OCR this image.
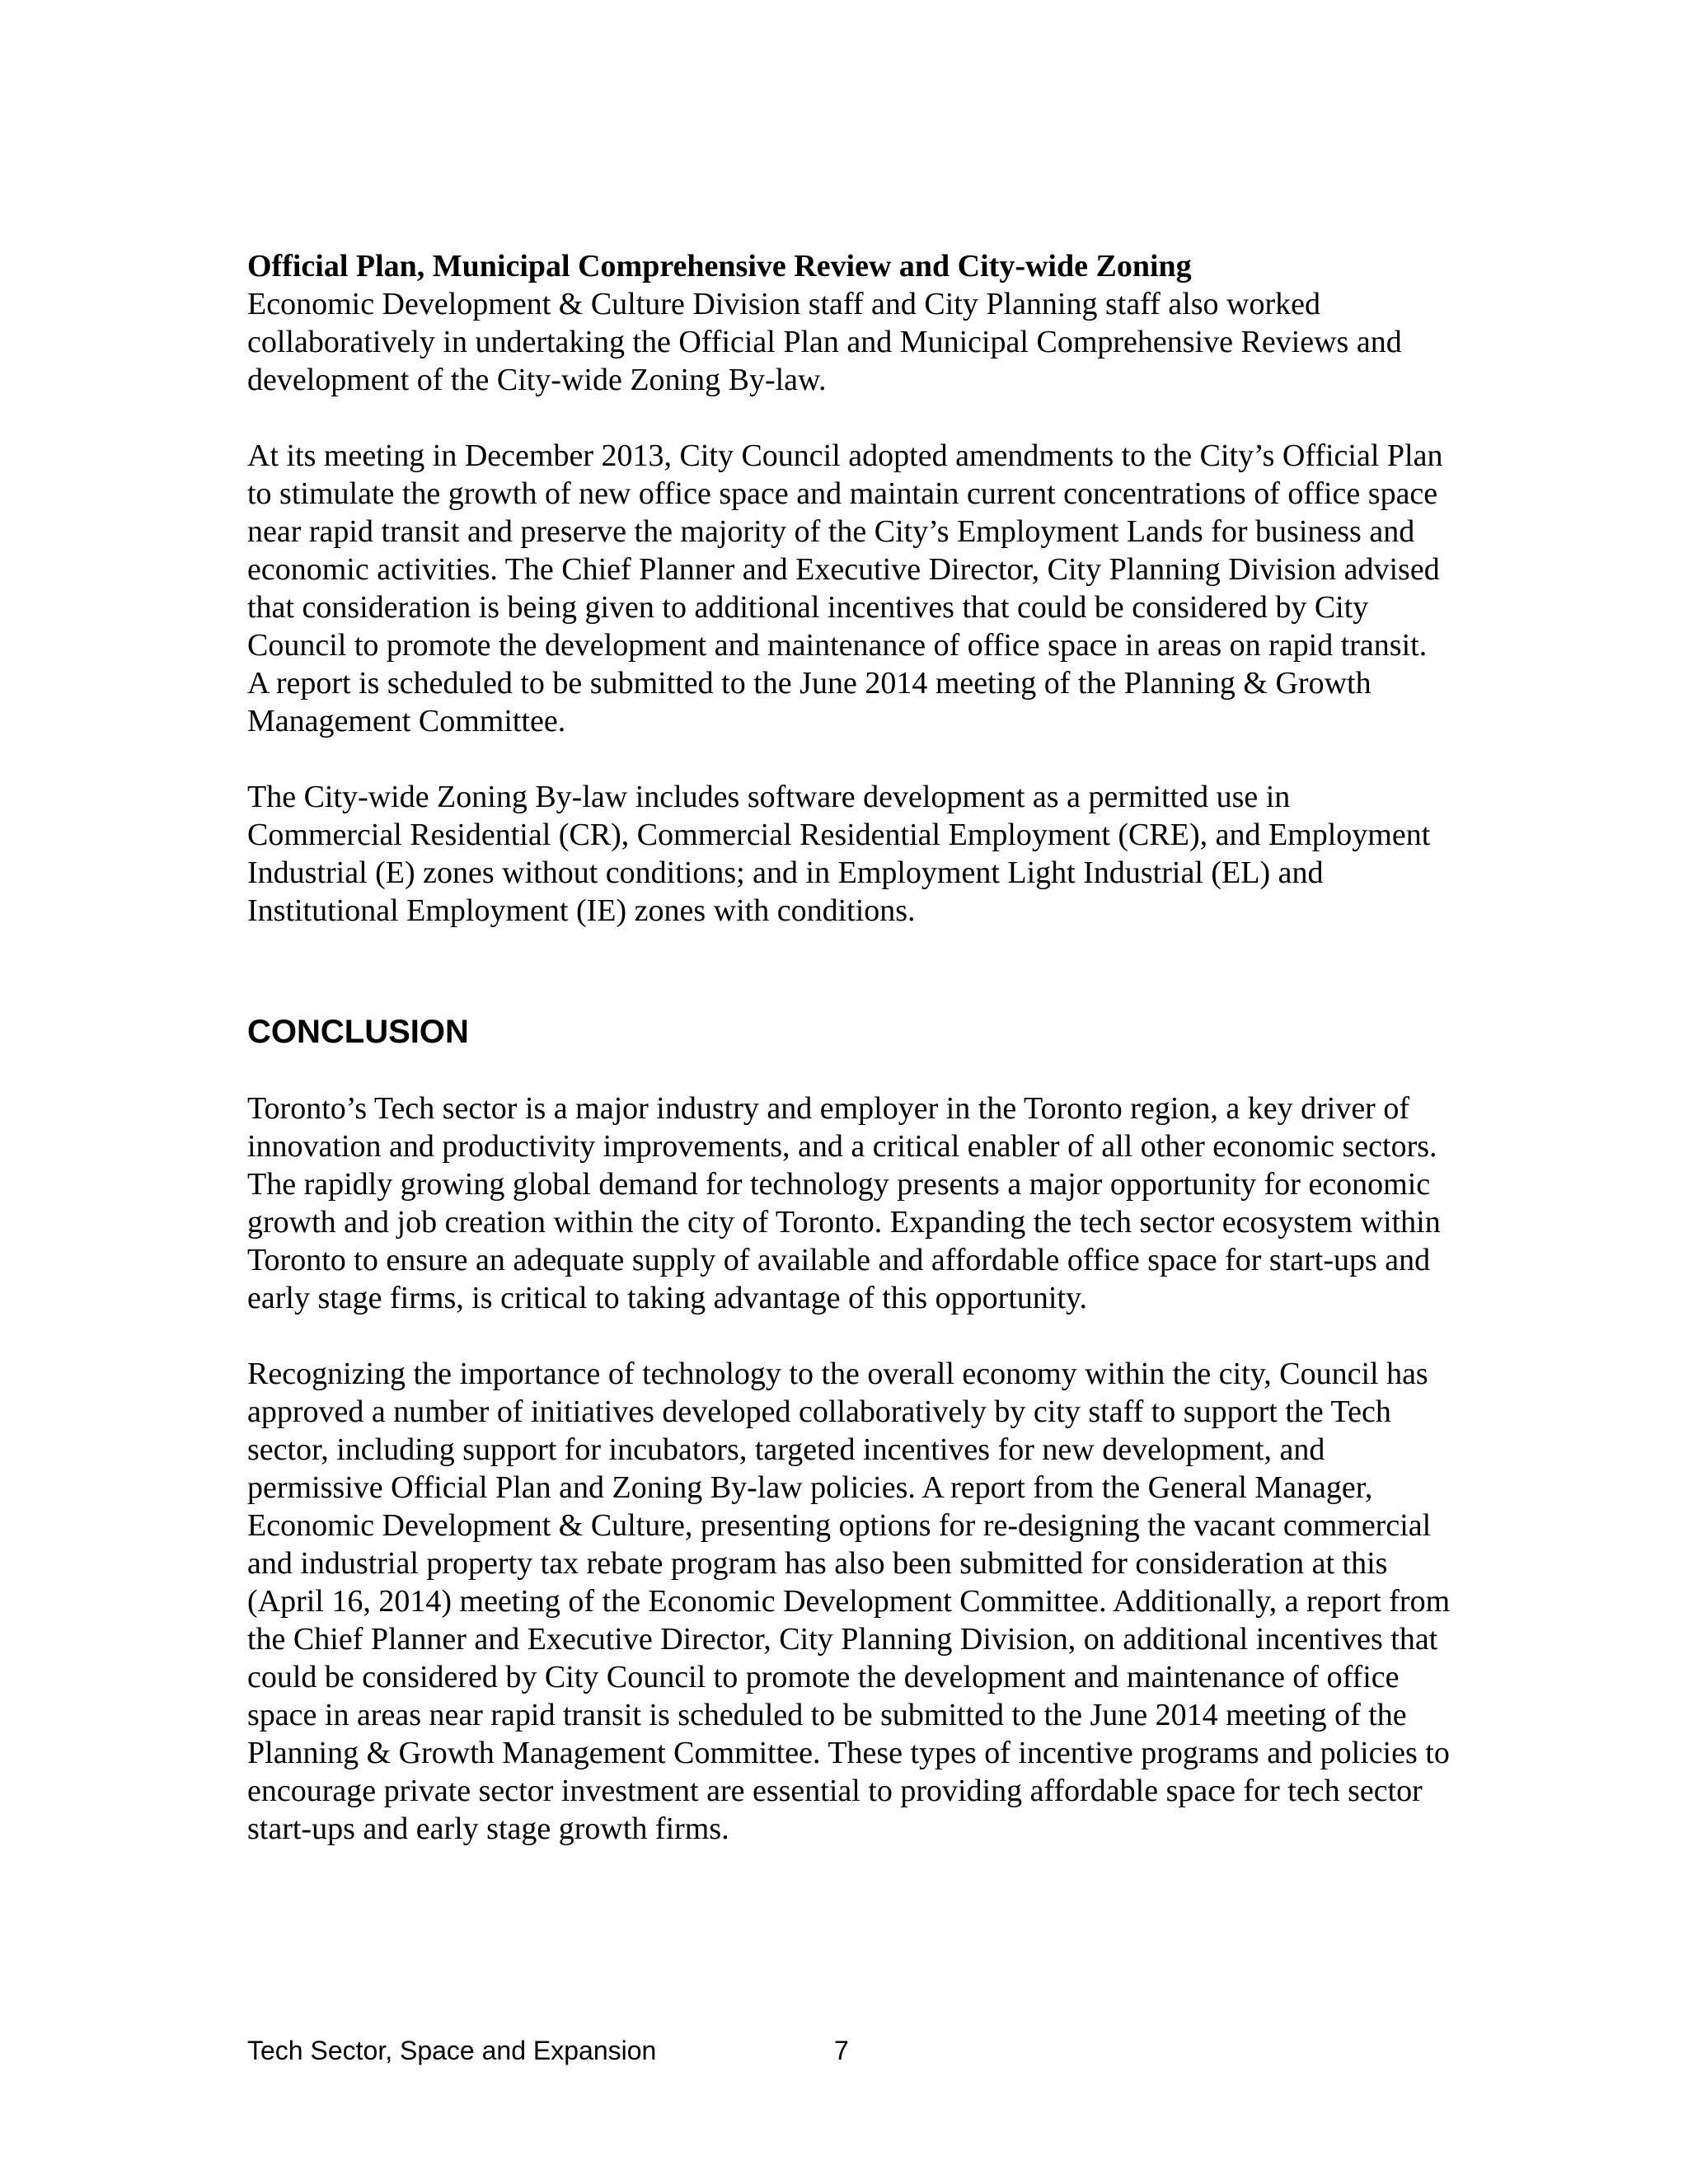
Official Plan, Municipal Comprehensive Review and City-wide Zoning

Economic Development & Culture Division staff and City Planning staff also worked collaboratively in undertaking the Official Plan and Municipal Comprehensive Reviews and development of the City-wide Zoning By-law.

At its meeting in December 2013, City Council adopted amendments to the City’s Official Plan to stimulate the growth of new office space and maintain current concentrations of office space near rapid transit and preserve the majority of the City’s Employment Lands for business and economic activities. The Chief Planner and Executive Director, City Planning Division advised that consideration is being given to additional incentives that could be considered by City Council to promote the development and maintenance of office space in areas on rapid transit. A report is scheduled to be submitted to the June 2014 meeting of the Planning & Growth Management Committee.

The City-wide Zoning By-law includes software development as a permitted use in Commercial Residential (CR), Commercial Residential Employment (CRE), and Employment Industrial (E) zones without conditions; and in Employment Light Industrial (EL) and Institutional Employment (IE) zones with conditions.

CONCLUSION

Toronto’s Tech sector is a major industry and employer in the Toronto region, a key driver of innovation and productivity improvements, and a critical enabler of all other economic sectors. The rapidly growing global demand for technology presents a major opportunity for economic growth and job creation within the city of Toronto. Expanding the tech sector ecosystem within Toronto to ensure an adequate supply of available and affordable office space for start-ups and early stage firms, is critical to taking advantage of this opportunity.

Recognizing the importance of technology to the overall economy within the city, Council has approved a number of initiatives developed collaboratively by city staff to support the Tech sector, including support for incubators, targeted incentives for new development, and permissive Official Plan and Zoning By-law policies. A report from the General Manager, Economic Development & Culture, presenting options for re-designing the vacant commercial and industrial property tax rebate program has also been submitted for consideration at this (April 16, 2014) meeting of the Economic Development Committee. Additionally, a report from the Chief Planner and Executive Director, City Planning Division, on additional incentives that could be considered by City Council to promote the development and maintenance of office space in areas near rapid transit is scheduled to be submitted to the June 2014 meeting of the Planning & Growth Management Committee. These types of incentive programs and policies to encourage private sector investment are essential to providing affordable space for tech sector start-ups and early stage growth firms.

Tech Sector, Space and Expansion	7
